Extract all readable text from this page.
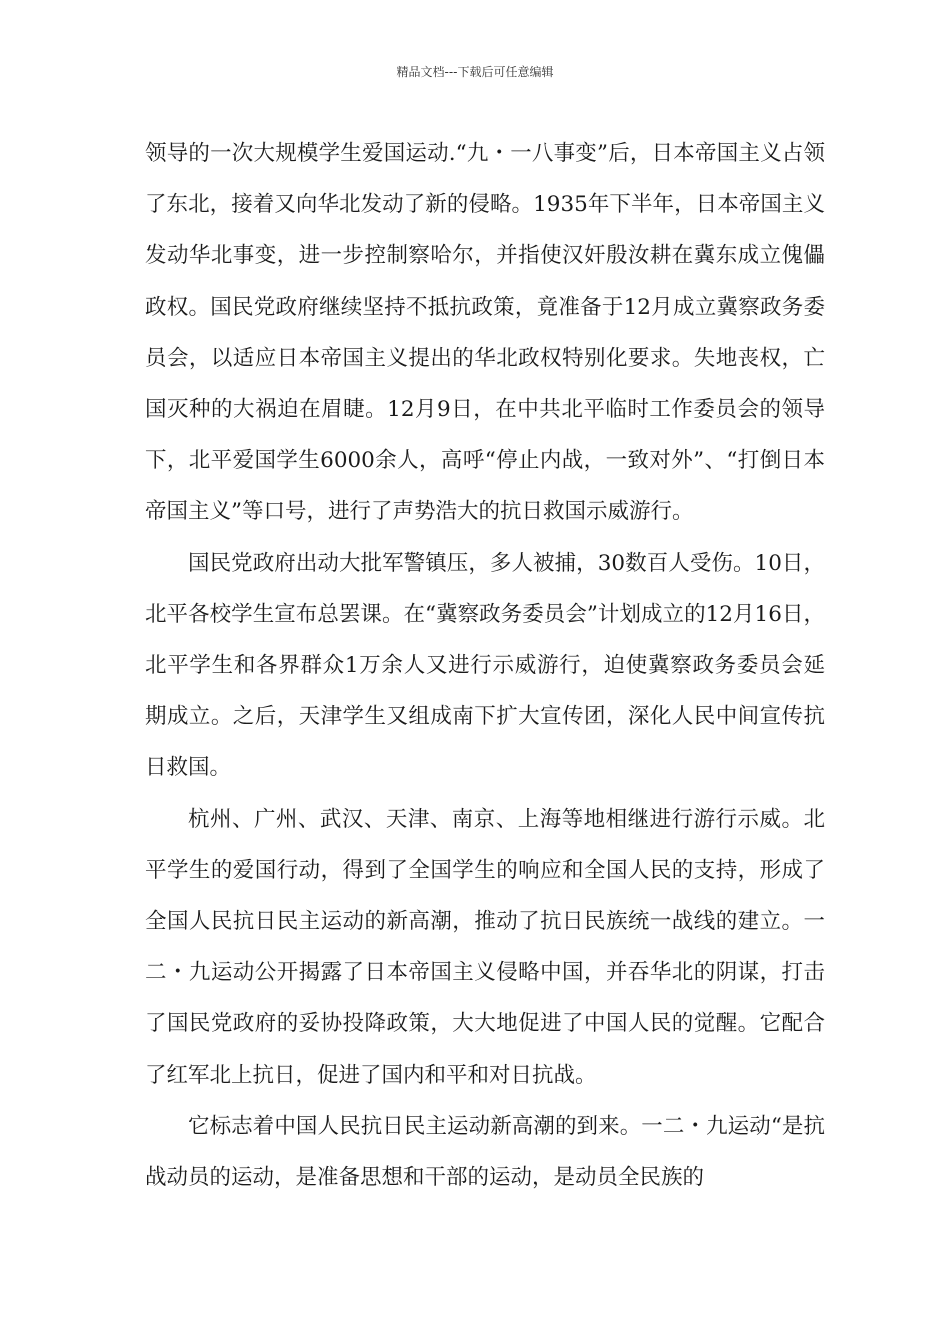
精品文档---下载后可任意编辑

领导的一次大规模学生爱国运动.“九・一八事变”后，日本帝国主义占领了东北，接着又向华北发动了新的侵略。1935年下半年，日本帝国主义发动华北事变，进一步控制察哈尔，并指使汉奸殷汝耕在冀东成立傀儡政权。国民党政府继续坚持不抵抗政策，竟准备于12月成立冀察政务委员会，以适应日本帝国主义提出的华北政权特别化要求。失地丧权，亡国灭种的大祸迫在眉睫。12月9日，在中共北平临时工作委员会的领导下，北平爱国学生6000余人，高呼“停止内战，一致对外”、“打倒日本帝国主义”等口号，进行了声势浩大的抗日救国示威游行。

国民党政府出动大批军警镇压，多人被捕，30数百人受伤。10日，北平各校学生宣布总罢课。在“冀察政务委员会”计划成立的12月16日，北平学生和各界群众1万余人又进行示威游行，迫使冀察政务委员会延期成立。之后，天津学生又组成南下扩大宣传团，深化人民中间宣传抗日救国。

杭州、广州、武汉、天津、南京、上海等地相继进行游行示威。北平学生的爱国行动，得到了全国学生的响应和全国人民的支持，形成了全国人民抗日民主运动的新高潮，推动了抗日民族统一战线的建立。一二・九运动公开揭露了日本帝国主义侵略中国，并吞华北的阴谋，打击了国民党政府的妥协投降政策，大大地促进了中国人民的觉醒。它配合了红军北上抗日，促进了国内和平和对日抗战。

它标志着中国人民抗日民主运动新高潮的到来。一二・九运动“是抗战动员的运动，是准备思想和干部的运动，是动员全民族的
